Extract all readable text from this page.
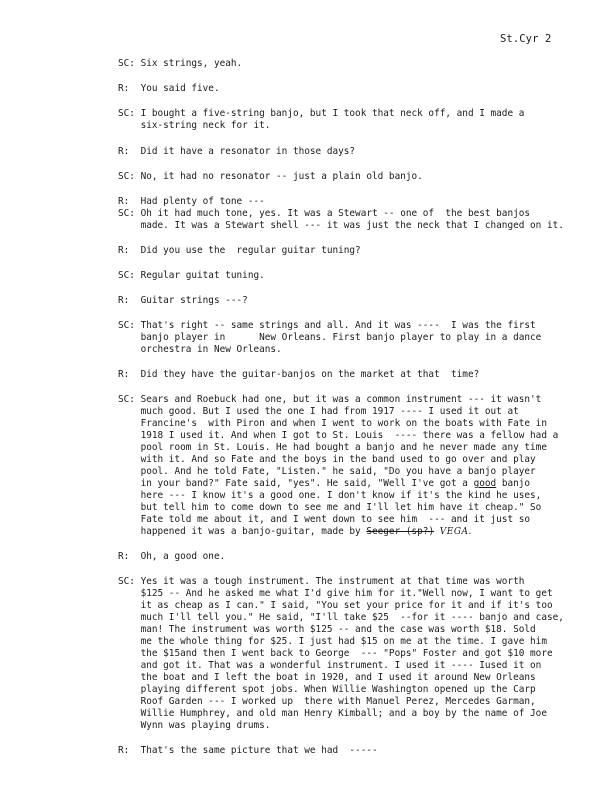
St.Cyr 2
SC: Six strings, yeah.
R:  You said five.
SC: I bought a five-string banjo, but I took that neck off, and I made a
six-string neck for it.
R:  Did it have a resonator in those days?
SC: No, it had no resonator -- just a plain old banjo.
R:  Had plenty of tone ---
SC: Oh it had much tone, yes. It was a Stewart -- one of  the best banjos
made. It was a Stewart shell --- it was just the neck that I changed on it.
R:  Did you use the  regular guitar tuning?
SC: Regular guitat tuning.
R:  Guitar strings ---?
SC: That's right -- same strings and all. And it was ----  I was the first
banjo player in      New Orleans. First banjo player to play in a dance
orchestra in New Orleans.
R:  Did they have the guitar-banjos on the market at that  time?
SC: Sears and Roebuck had one, but it was a common instrument --- it wasn't
much good. But I used the one I had from 1917 ---- I used it out at
Francine's  with Piron and when I went to work on the boats with Fate in
1918 I used it. And when I got to St. Louis  ---- there was a fellow had a
pool room in St. Louis. He had bought a banjo and he never made any time
with it. And so Fate and the boys in the band used to go over and play
pool. And he told Fate, "Listen." he said, "Do you have a banjo player
in your band?" Fate said, "yes". He said, "Well I've got a good banjo
here --- I know it's a good one. I don't know if it's the kind he uses,
but tell him to come down to see me and I'll let him have it cheap." So
Fate told me about it, and I went down to see him  --- and it just so
happened it was a banjo-guitar, made by Seeger (sp?) VEGA.
R:  Oh, a good one.
SC: Yes it was a tough instrument. The instrument at that time was worth
$125 -- And he asked me what I'd give him for it."Well now, I want to get
it as cheap as I can." I said, "You set your price for it and if it's too
much I'll tell you." He said, "I'll take $25  --for it ---- banjo and case,
man! The instrument was worth $125 -- and the case was worth $18. Sold
me the whole thing for $25. I just had $15 on me at the time. I gave him
the $15and then I went back to George  --- "Pops" Foster and got $10 more
and got it. That was a wonderful instrument. I used it ---- Iused it on
the boat and I left the boat in 1920, and I used it around New Orleans
playing different spot jobs. When Willie Washington opened up the Carp
Roof Garden --- I worked up  there with Manuel Perez, Mercedes Garman,
Willie Humphrey, and old man Henry Kimball; and a boy by the name of Joe
Wynn was playing drums.
R:  That's the same picture that we had  -----
